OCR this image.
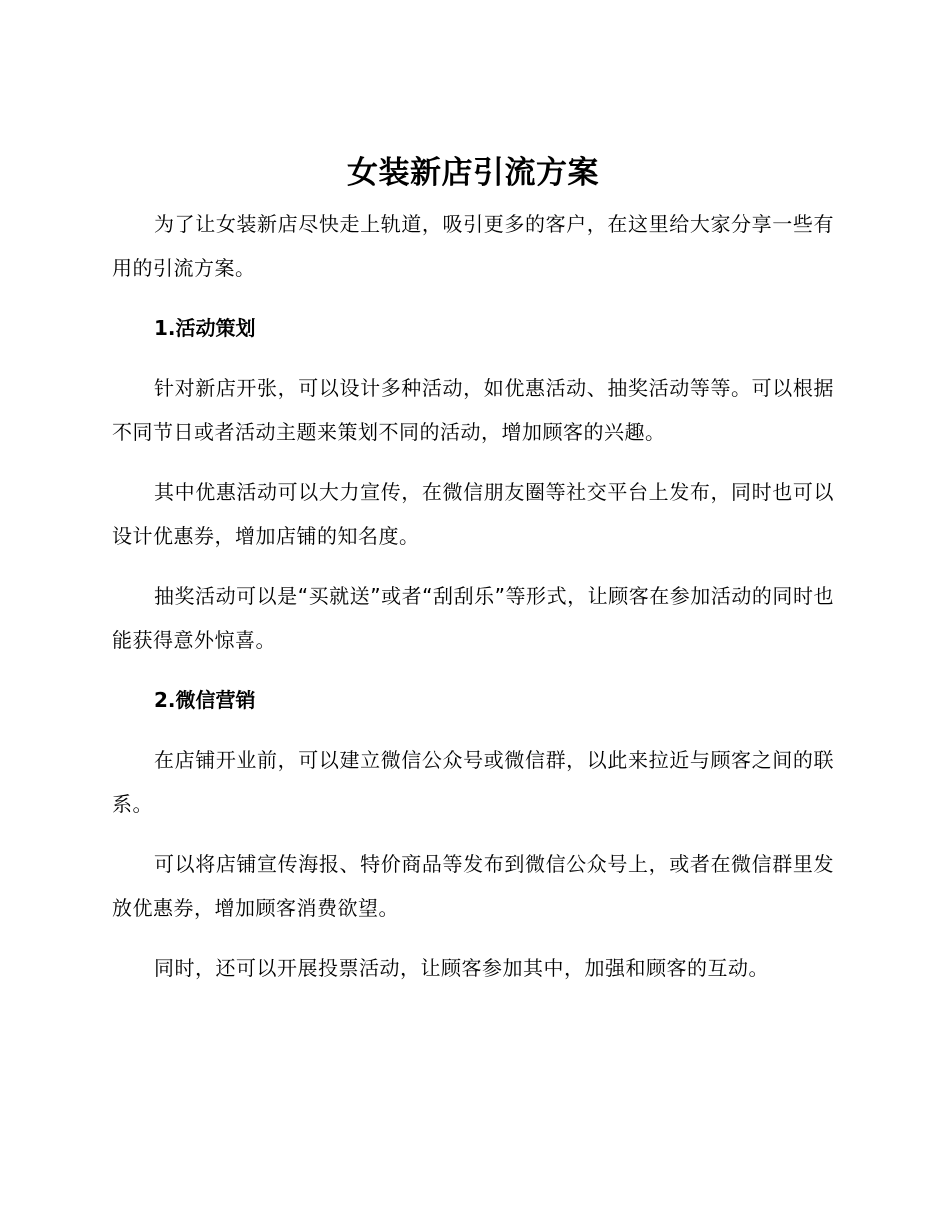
女装新店引流方案

为了让女装新店尽快走上轨道，吸引更多的客户，在这里给大家分享一些有用的引流方案。

1.活动策划

针对新店开张，可以设计多种活动，如优惠活动、抽奖活动等等。可以根据不同节日或者活动主题来策划不同的活动，增加顾客的兴趣。

其中优惠活动可以大力宣传，在微信朋友圈等社交平台上发布，同时也可以设计优惠券，增加店铺的知名度。

抽奖活动可以是“买就送”或者“刮刮乐”等形式，让顾客在参加活动的同时也能获得意外惊喜。

2.微信营销

在店铺开业前，可以建立微信公众号或微信群，以此来拉近与顾客之间的联系。

可以将店铺宣传海报、特价商品等发布到微信公众号上，或者在微信群里发放优惠券，增加顾客消费欲望。

同时，还可以开展投票活动，让顾客参加其中，加强和顾客的互动。
